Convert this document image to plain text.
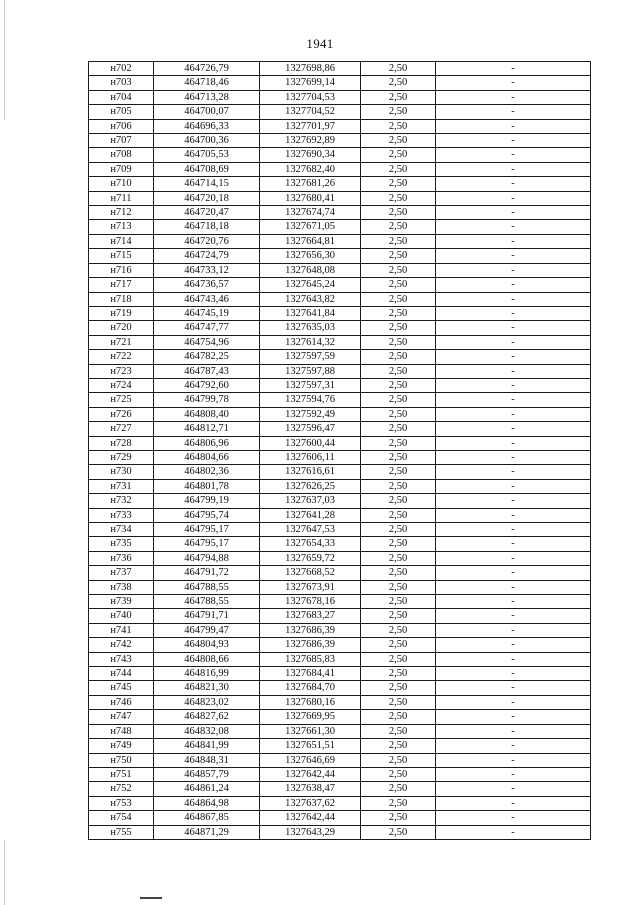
1941
н702	464726,79	1327698,86	2,50	-
н703	464718,46	1327699,14	2,50	-
н704	464713,28	1327704,53	2,50	-
н705	464700,07	1327704,52	2,50	-
н706	464696,33	1327701,97	2,50	-
н707	464700,36	1327692,89	2,50	-
н708	464705,53	1327690,34	2,50	-
н709	464708,69	1327682,40	2,50	-
н710	464714,15	1327681,26	2,50	-
н711	464720,18	1327680,41	2,50	-
н712	464720,47	1327674,74	2,50	-
н713	464718,18	1327671,05	2,50	-
н714	464720,76	1327664,81	2,50	-
н715	464724,79	1327656,30	2,50	-
н716	464733,12	1327648,08	2,50	-
н717	464736,57	1327645,24	2,50	-
н718	464743,46	1327643,82	2,50	-
н719	464745,19	1327641,84	2,50	-
н720	464747,77	1327635,03	2,50	-
н721	464754,96	1327614,32	2,50	-
н722	464782,25	1327597,59	2,50	-
н723	464787,43	1327597,88	2,50	-
н724	464792,60	1327597,31	2,50	-
н725	464799,78	1327594,76	2,50	-
н726	464808,40	1327592,49	2,50	-
н727	464812,71	1327596,47	2,50	-
н728	464806,96	1327600,44	2,50	-
н729	464804,66	1327606,11	2,50	-
н730	464802,36	1327616,61	2,50	-
н731	464801,78	1327626,25	2,50	-
н732	464799,19	1327637,03	2,50	-
н733	464795,74	1327641,28	2,50	-
н734	464795,17	1327647,53	2,50	-
н735	464795,17	1327654,33	2,50	-
н736	464794,88	1327659,72	2,50	-
н737	464791,72	1327668,52	2,50	-
н738	464788,55	1327673,91	2,50	-
н739	464788,55	1327678,16	2,50	-
н740	464791,71	1327683,27	2,50	-
н741	464799,47	1327686,39	2,50	-
н742	464804,93	1327686,39	2,50	-
н743	464808,66	1327685,83	2,50	-
н744	464816,99	1327684,41	2,50	-
н745	464821,30	1327684,70	2,50	-
н746	464823,02	1327680,16	2,50	-
н747	464827,62	1327669,95	2,50	-
н748	464832,08	1327661,30	2,50	-
н749	464841,99	1327651,51	2,50	-
н750	464848,31	1327646,69	2,50	-
н751	464857,79	1327642,44	2,50	-
н752	464861,24	1327638,47	2,50	-
н753	464864,98	1327637,62	2,50	-
н754	464867,85	1327642,44	2,50	-
н755	464871,29	1327643,29	2,50	-
